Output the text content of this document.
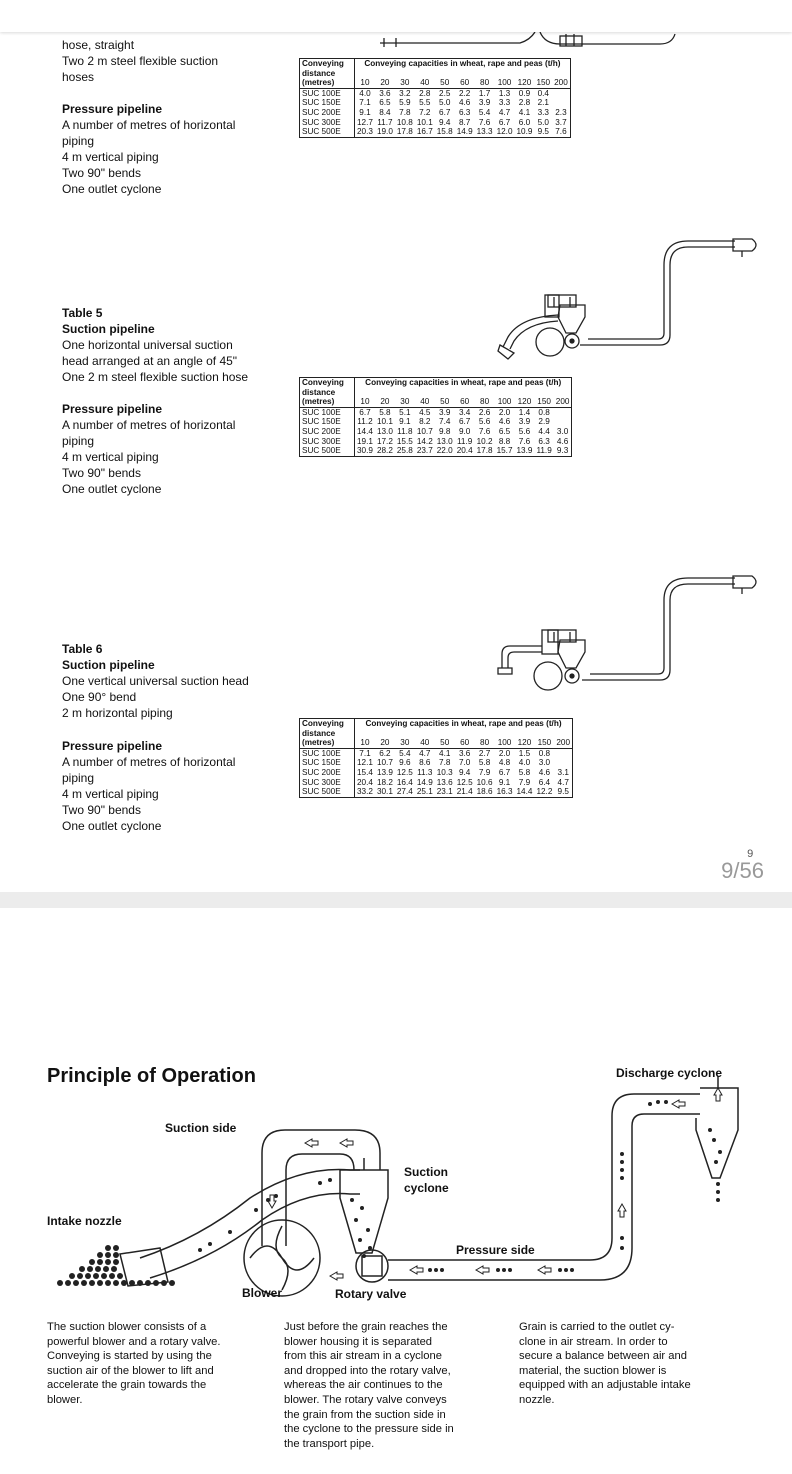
hose, straight
Two 2 m steel flexible suction
hoses
Pressure pipeline
A number of metres of horizontal
piping
4 m vertical piping
Two 90" bends
One outlet cyclone
Conveying
distance	Conveying capacities in wheat, rape and peas (t/h)										
(metres)	10	20	30	40	50	60	80	100	120	150	200
SUC 100E	4.0	3.6	3.2	2.8	2.5	2.2	1.7	1.3	0.9	0.4	
SUC 150E	7.1	6.5	5.9	5.5	5.0	4.6	3.9	3.3	2.8	2.1	
SUC 200E	9.1	8.4	7.8	7.2	6.7	6.3	5.4	4.7	4.1	3.3	2.3
SUC 300E	12.7	11.7	10.8	10.1	9.4	8.7	7.6	6.7	6.0	5.0	3.7
SUC 500E	20.3	19.0	17.8	16.7	15.8	14.9	13.3	12.0	10.9	9.5	7.6
Table 5
Suction pipeline
One horizontal universal suction
head arranged at an angle of 45"
One 2 m steel flexible suction hose
Pressure pipeline
A number of metres of horizontal
piping
4 m vertical piping
Two 90" bends
One outlet cyclone
Conveying
distance	Conveying capacities in wheat, rape and peas (t/h)										
(metres)	10	20	30	40	50	60	80	100	120	150	200
SUC 100E	6.7	5.8	5.1	4.5	3.9	3.4	2.6	2.0	1.4	0.8	
SUC 150E	11.2	10.1	9.1	8.2	7.4	6.7	5.6	4.6	3.9	2.9	
SUC 200E	14.4	13.0	11.8	10.7	9.8	9.0	7.6	6.5	5.6	4.4	3.0
SUC 300E	19.1	17.2	15.5	14.2	13.0	11.9	10.2	8.8	7.6	6.3	4.6
SUC 500E	30.9	28.2	25.8	23.7	22.0	20.4	17.8	15.7	13.9	11.9	9.3
Table 6
Suction pipeline
One vertical universal suction head
One 90° bend
2 m horizontal piping
Pressure pipeline
A number of metres of horizontal
piping
4 m vertical piping
Two 90" bends
One outlet cyclone
Conveying
distance	Conveying capacities in wheat, rape and peas (t/h)										
(metres)	10	20	30	40	50	60	80	100	120	150	200
SUC 100E	7.1	6.2	5.4	4.7	4.1	3.6	2.7	2.0	1.5	0.8	
SUC 150E	12.1	10.7	9.6	8.6	7.8	7.0	5.8	4.8	4.0	3.0	
SUC 200E	15.4	13.9	12.5	11.3	10.3	9.4	7.9	6.7	5.8	4.6	3.1
SUC 300E	20.4	18.2	16.4	14.9	13.6	12.5	10.6	9.1	7.9	6.4	4.7
SUC 500E	33.2	30.1	27.4	25.1	23.1	21.4	18.6	16.3	14.4	12.2	9.5
9
9/56
Principle of Operation	Discharge cyclone
Suction side
Suction
cyclone
Intake nozzle
Pressure side
Blower	Rotary valve
The suction blower consists of a
powerful blower and a rotary valve.
Conveying is started by using the
suction air of the blower to lift and
accelerate the grain towards the
blower.
Just before the grain reaches the
blower housing it is separated
from this air stream in a cyclone
and dropped into the rotary valve,
whereas the air continues to the
blower. The rotary valve conveys
the grain from the suction side in
the cyclone to the pressure side in
the transport pipe.
Grain is carried to the outlet cy-
clone in air stream. In order to
secure a balance between air and
material, the suction blower is
equipped with an adjustable intake
nozzle.
